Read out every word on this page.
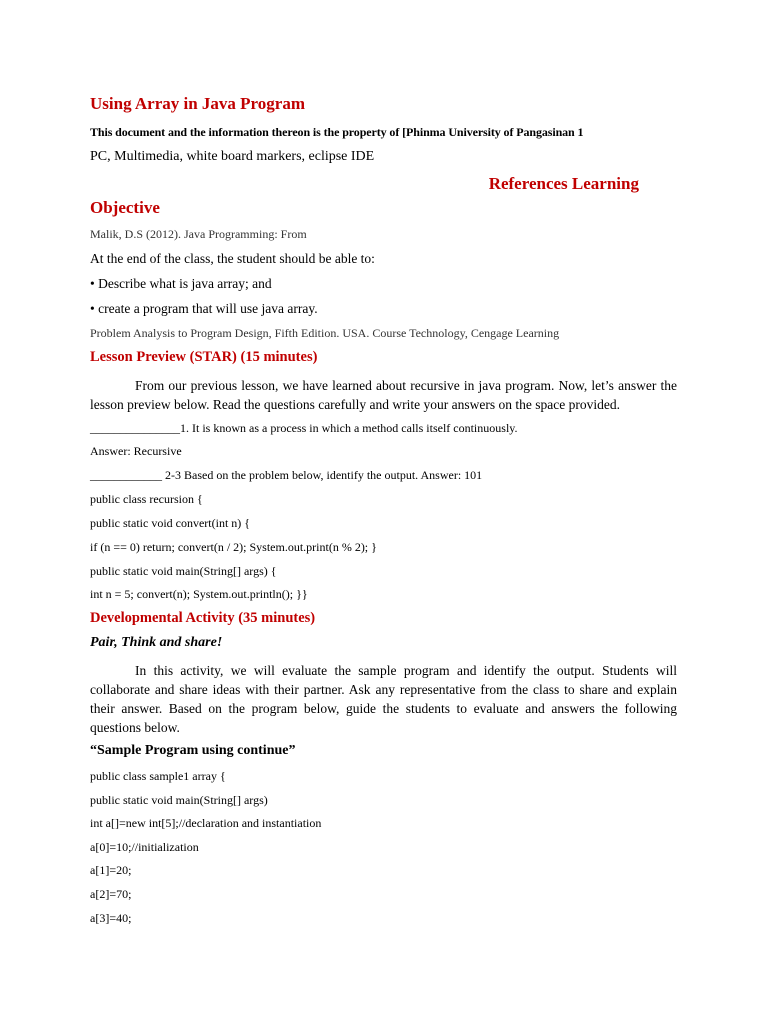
Using Array in Java Program
This document and the information thereon is the property of [Phinma University of Pangasinan 1
PC, Multimedia, white board markers, eclipse IDE
References Learning
Objective
Malik, D.S (2012). Java Programming: From
At the end of the class, the student should be able to:
• Describe what is java array; and
• create a program that will use java array.
Problem Analysis to Program Design, Fifth Edition. USA. Course Technology, Cengage Learning
Lesson Preview (STAR) (15 minutes)
From our previous lesson, we have learned about recursive in java program. Now, let’s answer the lesson preview below. Read the questions carefully and write your answers on the space provided.
_______________1. It is known as a process in which a method calls itself continuously.
Answer: Recursive
____________ 2-3 Based on the problem below, identify the output. Answer: 101
public class recursion {
public static void convert(int n) {
if (n == 0) return; convert(n / 2); System.out.print(n % 2); }
public static void main(String[] args) {
int n = 5; convert(n); System.out.println(); }}
Developmental Activity (35 minutes)
Pair, Think and share!
In this activity, we will evaluate the sample program and identify the output. Students will collaborate and share ideas with their partner. Ask any representative from the class to share and explain their answer. Based on the program below, guide the students to evaluate and answers the following questions below.
“Sample Program using continue”
public class sample1 array {
public static void main(String[] args)
int a[]=new int[5];//declaration and instantiation
a[0]=10;//initialization
a[1]=20;
a[2]=70;
a[3]=40;
